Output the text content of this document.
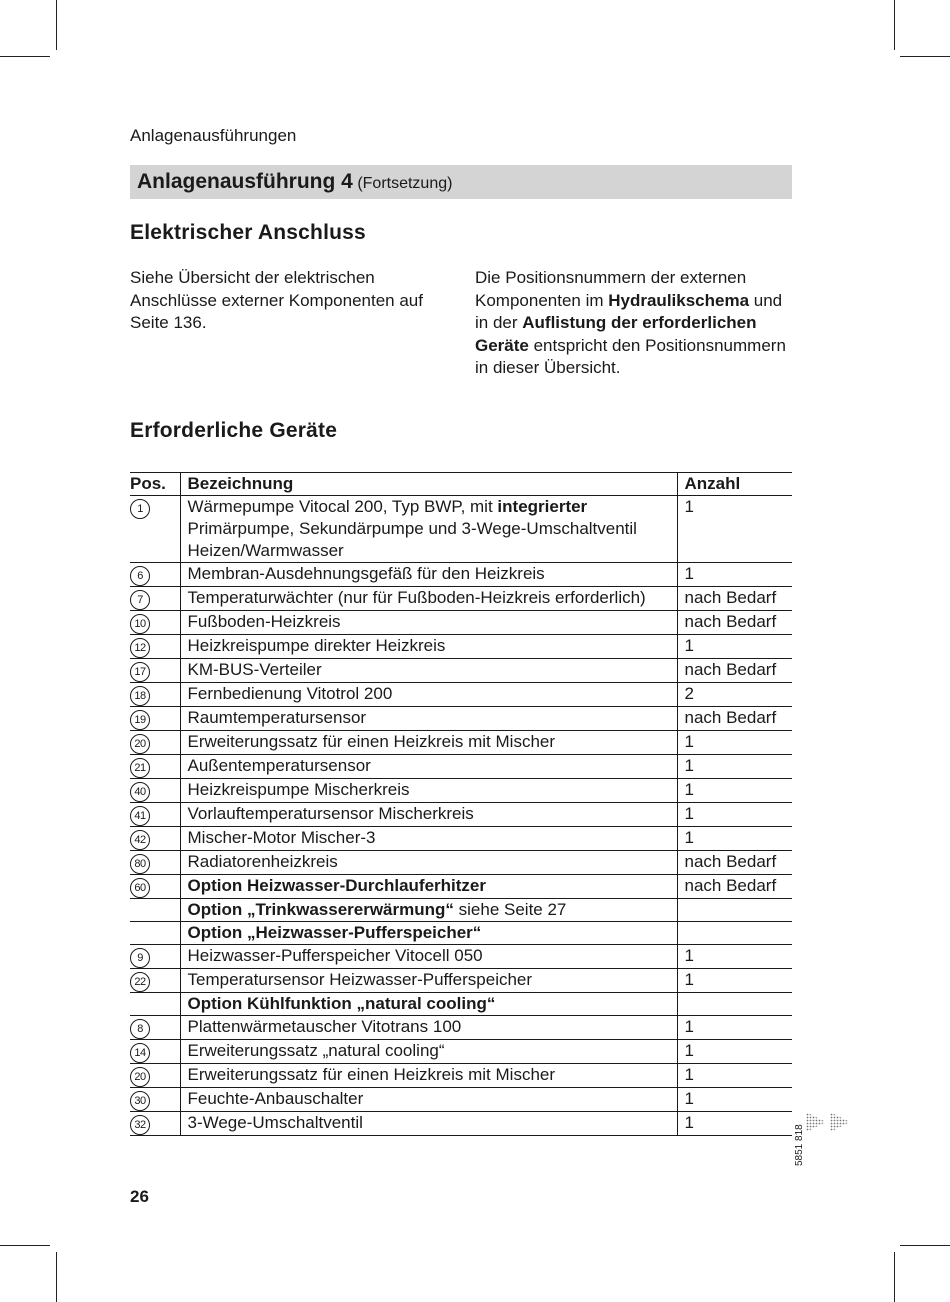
Anlagenausführungen
Anlagenausführung 4 (Fortsetzung)
Elektrischer Anschluss
Siehe Übersicht der elektrischen Anschlüsse externer Komponenten auf Seite 136.
Die Positionsnummern der externen Komponenten im Hydraulikschema und in der Auflistung der erforderlichen Geräte entspricht den Positionsnummern in dieser Übersicht.
Erforderliche Geräte
Pos.	Bezeichnung	Anzahl
1	Wärmepumpe Vitocal 200, Typ BWP, mit integrierter Primärpumpe, Sekundärpumpe und 3-Wege-Umschaltventil Heizen/Warmwasser	1
6	Membran-Ausdehnungsgefäß für den Heizkreis	1
7	Temperaturwächter (nur für Fußboden-Heizkreis erforderlich)	nach Bedarf
10	Fußboden-Heizkreis	nach Bedarf
12	Heizkreispumpe direkter Heizkreis	1
17	KM-BUS-Verteiler	nach Bedarf
18	Fernbedienung Vitotrol 200	2
19	Raumtemperatursensor	nach Bedarf
20	Erweiterungssatz für einen Heizkreis mit Mischer	1
21	Außentemperatursensor	1
40	Heizkreispumpe Mischerkreis	1
41	Vorlauftemperatursensor Mischerkreis	1
42	Mischer-Motor Mischer-3	1
80	Radiatorenheizkreis	nach Bedarf
60	Option Heizwasser-Durchlauferhitzer	nach Bedarf
	Option „Trinkwassererwärmung“ siehe Seite 27	
	Option „Heizwasser-Pufferspeicher“	
9	Heizwasser-Pufferspeicher Vitocell 050	1
22	Temperatursensor Heizwasser-Pufferspeicher	1
	Option Kühlfunktion „natural cooling“	
8	Plattenwärmetauscher Vitotrans 100	1
14	Erweiterungssatz „natural cooling“	1
20	Erweiterungssatz für einen Heizkreis mit Mischer	1
30	Feuchte-Anbauschalter	1
32	3-Wege-Umschaltventil	1
5851 818
26
